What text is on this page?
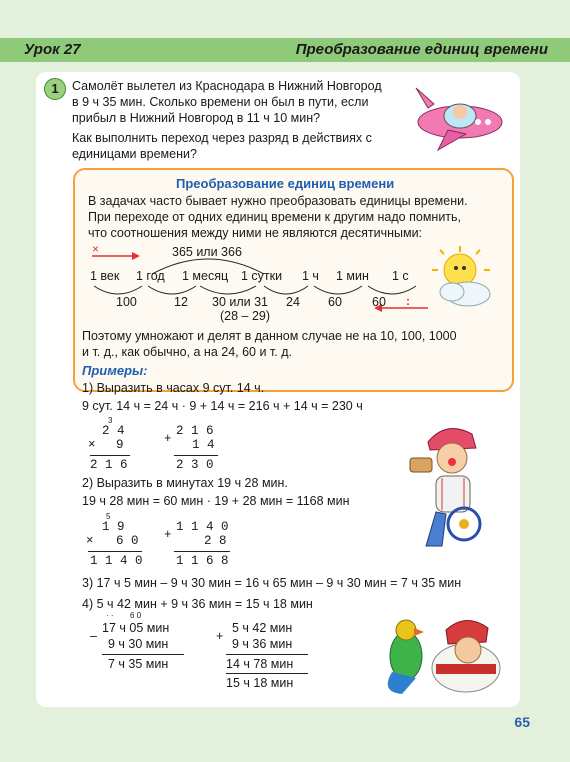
Урок 27	Преобразование единиц времени
1	Самолёт вылетел из Краснодара в Нижний Новгород
в 9 ч 35 мин. Сколько времени он был в пути, если
прибыл в Нижний Новгород в 11 ч 10 мин?
Как выполнить переход через разряд в действиях с
единицами времени?
Преобразование единиц времени
В задачах часто бывает нужно преобразовать единицы времени.
При переходе от одних единиц времени к другим надо помнить,
что соотношения между ними не являются десятичными:
×	365 или 366
1 век 1 год 1 месяц 1 сутки 1 ч 1 мин 1 с
100	12 30 или 31 24 60 60
(28 – 29)
:
Поэтому умножают и делят в данном случае не на 10, 100, 1000
и т. д., как обычно, а на 24, 60 и т. д.
Примеры:
1) Выразить в часах 9 сут. 14 ч.
9 сут. 14 ч = 24 ч · 9 + 14 ч = 216 ч + 14 ч = 230 ч
3
2 4
× 9
2 1 6
2 1 6
+ 1 4
2 3 0
2) Выразить в минутах 19 ч 28 мин.
19 ч 28 мин = 60 мин · 19 + 28 мин = 1168 мин
5
1 9
× 6 0
1 1 4 0
1 1 4 0
+	2 8
1 1 6 8
3) 17 ч 5 мин – 9 ч 30 мин = 16 ч 65 мин – 9 ч 30 мин = 7 ч 35 мин
4) 5 ч 42 мин + 9 ч 36 мин = 15 ч 18 мин
· · 6 0
17 ч 05 мин
–
9 ч 30 мин
7 ч 35 мин
5 ч 42 мин
+
9 ч 36 мин
14 ч 78 мин
15 ч 18 мин
65
